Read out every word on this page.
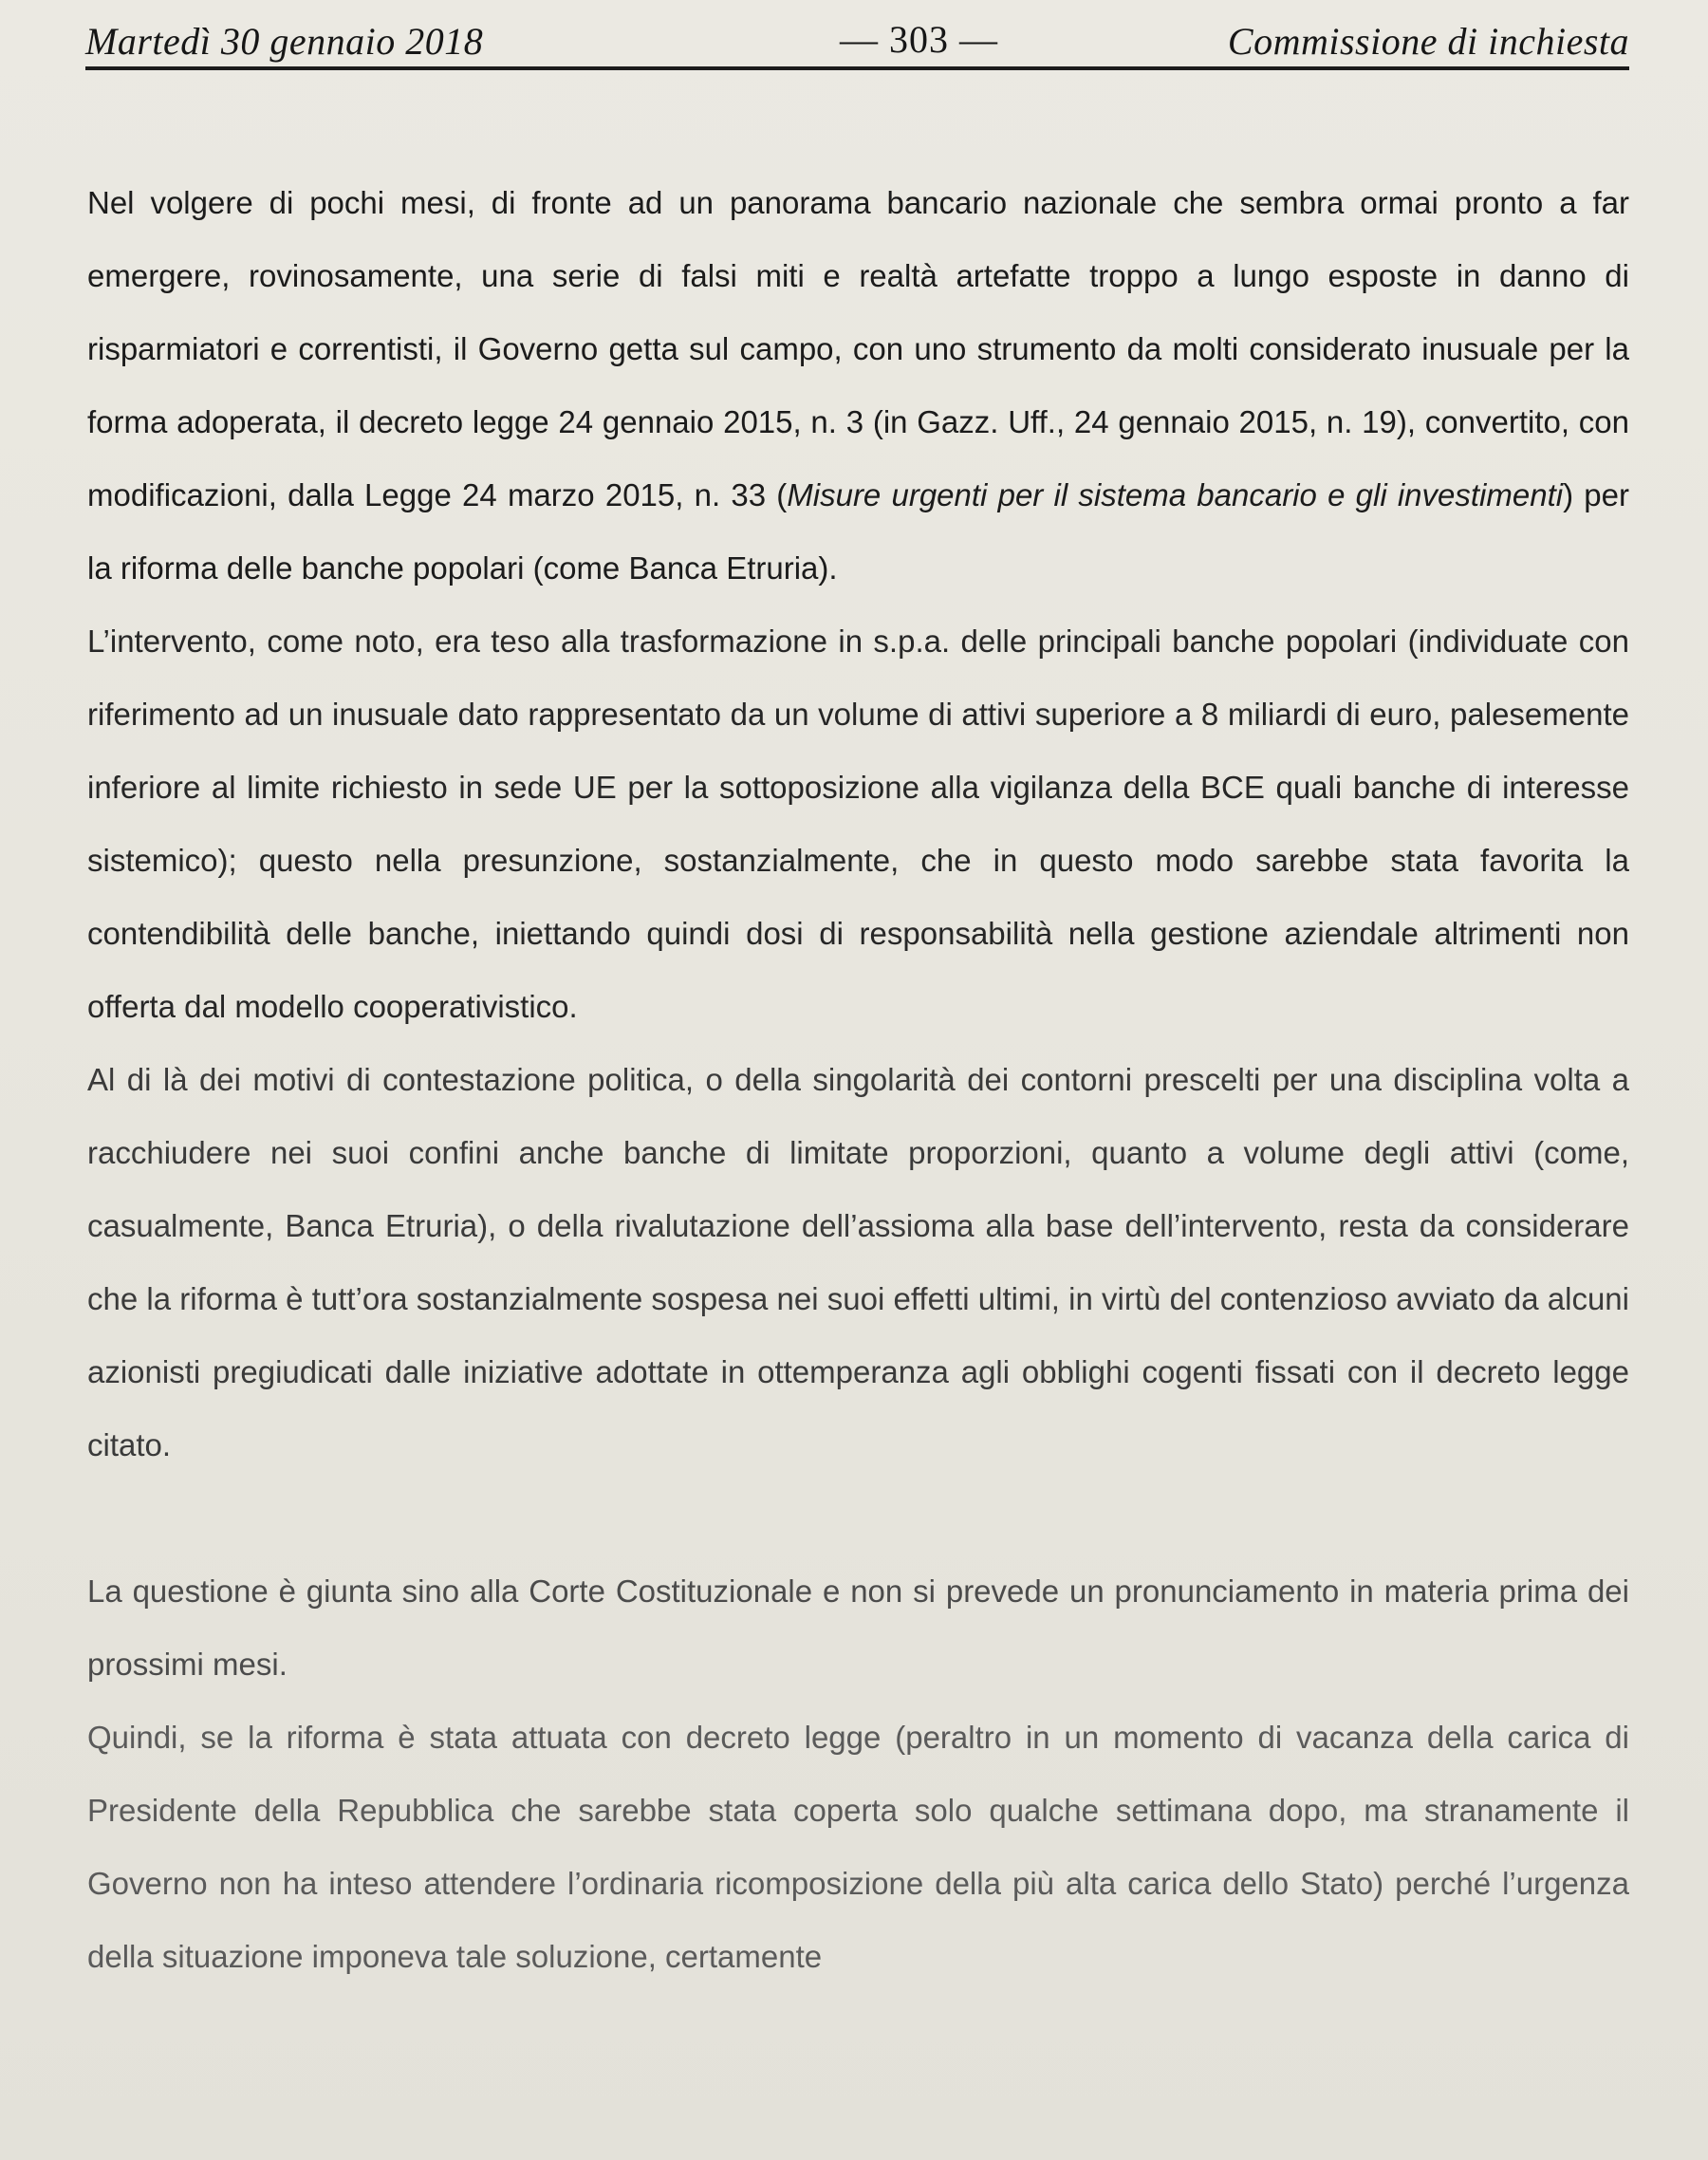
Martedì 30 gennaio 2018	— 303 —	Commissione di inchiesta

Nel volgere di pochi mesi, di fronte ad un panorama bancario nazionale che sembra ormai pronto a far emergere, rovinosamente, una serie di falsi miti e realtà artefatte troppo a lungo esposte in danno di risparmiatori e correntisti, il Governo getta sul campo, con uno strumento da molti considerato inusuale per la forma adoperata, il decreto legge 24 gennaio 2015, n. 3 (in Gazz. Uff., 24 gennaio 2015, n. 19), convertito, con modificazioni, dalla Legge 24 marzo 2015, n. 33 (Misure urgenti per il sistema bancario e gli investimenti) per la riforma delle banche popolari (come Banca Etruria).

L’intervento, come noto, era teso alla trasformazione in s.p.a. delle principali banche popolari (individuate con riferimento ad un inusuale dato rappresentato da un volume di attivi superiore a 8 miliardi di euro, palesemente inferiore al limite richiesto in sede UE per la sottoposizione alla vigilanza della BCE quali banche di interesse sistemico); questo nella presunzione, sostanzialmente, che in questo modo sarebbe stata favorita la contendibilità delle banche, iniettando quindi dosi di responsabilità nella gestione aziendale altrimenti non offerta dal modello cooperativistico.

Al di là dei motivi di contestazione politica, o della singolarità dei contorni prescelti per una disciplina volta a racchiudere nei suoi confini anche banche di limitate proporzioni, quanto a volume degli attivi (come, casualmente, Banca Etruria), o della rivalutazione dell’assioma alla base dell’intervento, resta da considerare che la riforma è tutt’ora sostanzialmente sospesa nei suoi effetti ultimi, in virtù del contenzioso avviato da alcuni azionisti pregiudicati dalle iniziative adottate in ottemperanza agli obblighi cogenti fissati con il decreto legge citato.

La questione è giunta sino alla Corte Costituzionale e non si prevede un pronunciamento in materia prima dei prossimi mesi.

Quindi, se la riforma è stata attuata con decreto legge (peraltro in un momento di vacanza della carica di Presidente della Repubblica che sarebbe stata coperta solo qualche settimana dopo, ma stranamente il Governo non ha inteso attendere l’ordinaria ricomposizione della più alta carica dello Stato) perché l’urgenza della situazione imponeva tale soluzione, certamente
